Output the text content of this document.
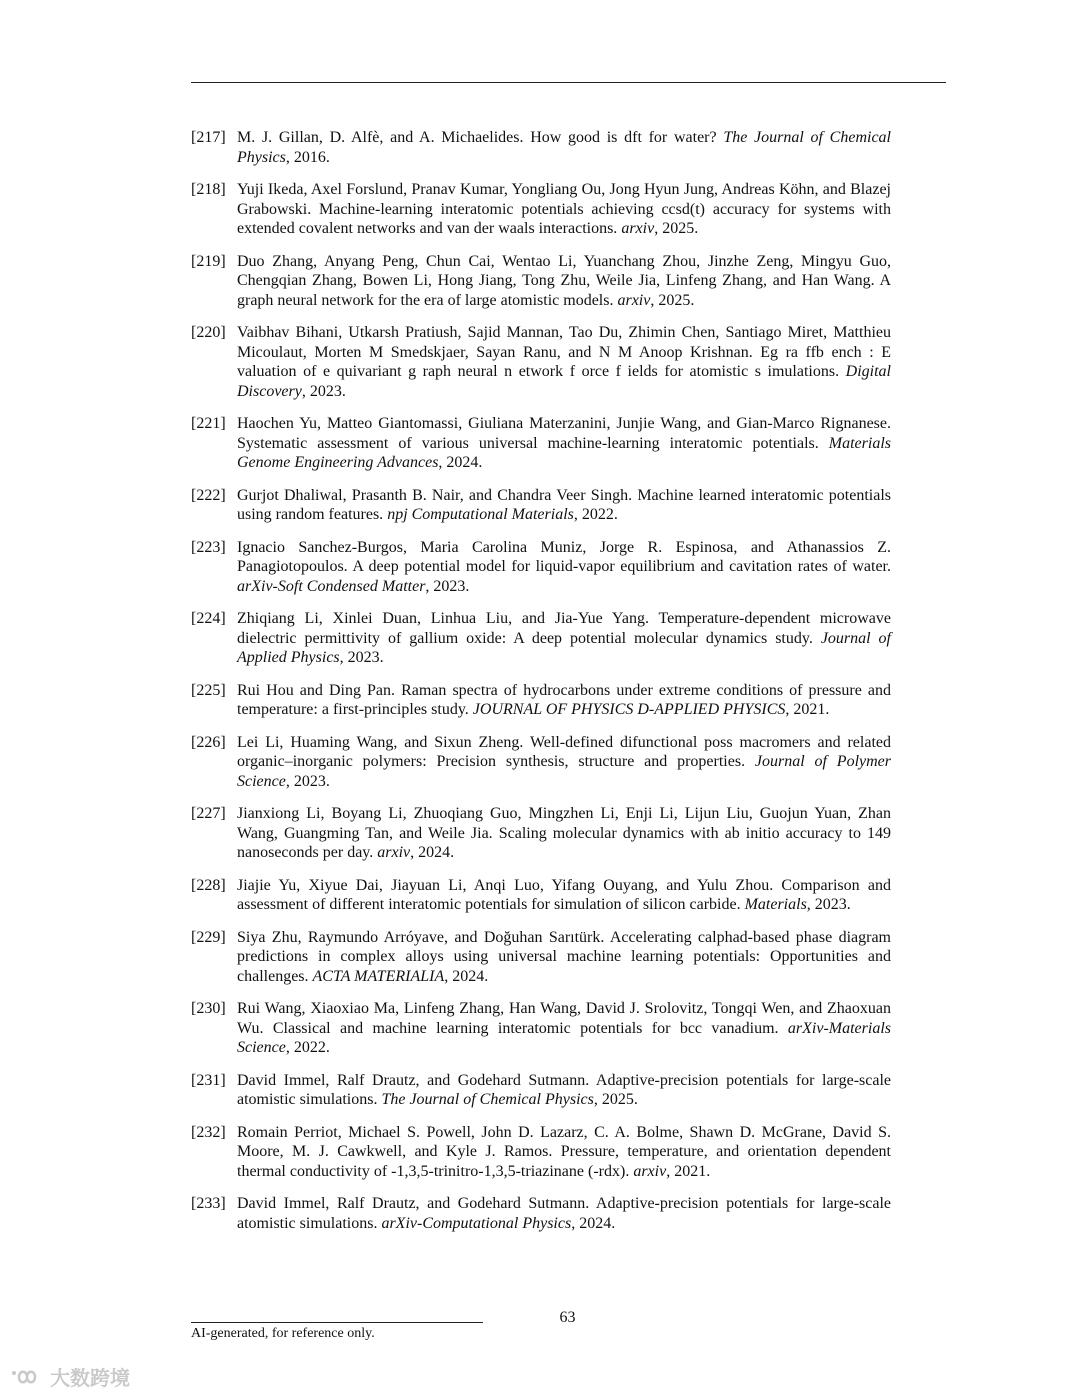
[217] M. J. Gillan, D. Alfè, and A. Michaelides. How good is dft for water? The Journal of Chemical Physics, 2016.
[218] Yuji Ikeda, Axel Forslund, Pranav Kumar, Yongliang Ou, Jong Hyun Jung, Andreas Köhn, and Blazej Grabowski. Machine-learning interatomic potentials achieving ccsd(t) accuracy for systems with extended covalent networks and van der waals interactions. arxiv, 2025.
[219] Duo Zhang, Anyang Peng, Chun Cai, Wentao Li, Yuanchang Zhou, Jinzhe Zeng, Mingyu Guo, Chengqian Zhang, Bowen Li, Hong Jiang, Tong Zhu, Weile Jia, Linfeng Zhang, and Han Wang. A graph neural network for the era of large atomistic models. arxiv, 2025.
[220] Vaibhav Bihani, Utkarsh Pratiush, Sajid Mannan, Tao Du, Zhimin Chen, Santiago Miret, Matthieu Micoulaut, Morten M Smedskjaer, Sayan Ranu, and N M Anoop Krishnan. Eg ra ffb ench : E valuation of e quivariant g raph neural n etwork f orce f ields for atomistic s imulations. Digital Discovery, 2023.
[221] Haochen Yu, Matteo Giantomassi, Giuliana Materzanini, Junjie Wang, and Gian-Marco Rignanese. Systematic assessment of various universal machine-learning interatomic potentials. Materials Genome Engineering Advances, 2024.
[222] Gurjot Dhaliwal, Prasanth B. Nair, and Chandra Veer Singh. Machine learned interatomic potentials using random features. npj Computational Materials, 2022.
[223] Ignacio Sanchez-Burgos, Maria Carolina Muniz, Jorge R. Espinosa, and Athanassios Z. Panagiotopoulos. A deep potential model for liquid-vapor equilibrium and cavitation rates of water. arXiv-Soft Condensed Matter, 2023.
[224] Zhiqiang Li, Xinlei Duan, Linhua Liu, and Jia-Yue Yang. Temperature-dependent microwave dielectric permittivity of gallium oxide: A deep potential molecular dynamics study. Journal of Applied Physics, 2023.
[225] Rui Hou and Ding Pan. Raman spectra of hydrocarbons under extreme conditions of pressure and temperature: a first-principles study. JOURNAL OF PHYSICS D-APPLIED PHYSICS, 2021.
[226] Lei Li, Huaming Wang, and Sixun Zheng. Well-defined difunctional poss macromers and related organic–inorganic polymers: Precision synthesis, structure and properties. Journal of Polymer Science, 2023.
[227] Jianxiong Li, Boyang Li, Zhuoqiang Guo, Mingzhen Li, Enji Li, Lijun Liu, Guojun Yuan, Zhan Wang, Guangming Tan, and Weile Jia. Scaling molecular dynamics with ab initio accuracy to 149 nanoseconds per day. arxiv, 2024.
[228] Jiajie Yu, Xiyue Dai, Jiayuan Li, Anqi Luo, Yifang Ouyang, and Yulu Zhou. Comparison and assessment of different interatomic potentials for simulation of silicon carbide. Materials, 2023.
[229] Siya Zhu, Raymundo Arróyave, and Doğuhan Sarıtürk. Accelerating calphad-based phase diagram predictions in complex alloys using universal machine learning potentials: Opportunities and challenges. ACTA MATERIALIA, 2024.
[230] Rui Wang, Xiaoxiao Ma, Linfeng Zhang, Han Wang, David J. Srolovitz, Tongqi Wen, and Zhaoxuan Wu. Classical and machine learning interatomic potentials for bcc vanadium. arXiv-Materials Science, 2022.
[231] David Immel, Ralf Drautz, and Godehard Sutmann. Adaptive-precision potentials for large-scale atomistic simulations. The Journal of Chemical Physics, 2025.
[232] Romain Perriot, Michael S. Powell, John D. Lazarz, C. A. Bolme, Shawn D. McGrane, David S. Moore, M. J. Cawkwell, and Kyle J. Ramos. Pressure, temperature, and orientation dependent thermal conductivity of -1,3,5-trinitro-1,3,5-triazinane (-rdx). arxiv, 2021.
[233] David Immel, Ralf Drautz, and Godehard Sutmann. Adaptive-precision potentials for large-scale atomistic simulations. arXiv-Computational Physics, 2024.
63
AI-generated, for reference only.
大数跨境
